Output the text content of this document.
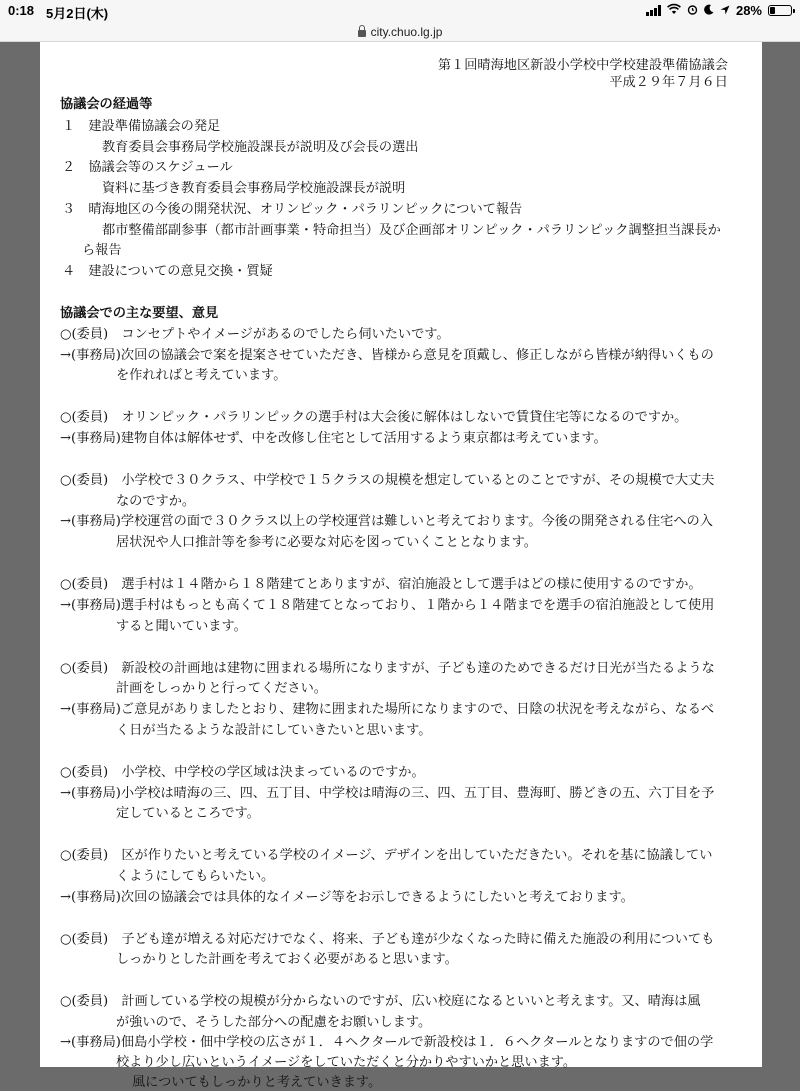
0:18 5月2日(木)	28%
city.chuo.lg.jp
第１回晴海地区新設小学校中学校建設準備協議会
平成２９年７月６日
協議会の経過等
１　建設準備協議会の発足
教育委員会事務局学校施設課長が説明及び会長の選出
２　協議会等のスケジュール
資料に基づき教育委員会事務局学校施設課長が説明
３　晴海地区の今後の開発状況、オリンピック・パラリンピックについて報告
都市整備部副参事（都市計画事業・特命担当）及び企画部オリンピック・パラリンピック調整担当課長か
ら報告
４　建設についての意見交換・質疑
協議会での主な要望、意見
○(委員)　コンセプトやイメージがあるのでしたら伺いたいです。
→(事務局)次回の協議会で案を提案させていただき、皆様から意見を頂戴し、修正しながら皆様が納得いくもの
を作れればと考えています。
○(委員)　オリンピック・パラリンピックの選手村は大会後に解体はしないで賃貸住宅等になるのですか。
→(事務局)建物自体は解体せず、中を改修し住宅として活用するよう東京都は考えています。
○(委員)　小学校で３０クラス、中学校で１５クラスの規模を想定しているとのことですが、その規模で大丈夫
なのですか。
→(事務局)学校運営の面で３０クラス以上の学校運営は難しいと考えております。今後の開発される住宅への入
居状況や人口推計等を参考に必要な対応を図っていくこととなります。
○(委員)　選手村は１４階から１８階建てとありますが、宿泊施設として選手はどの様に使用するのですか。
→(事務局)選手村はもっとも高くて１８階建てとなっており、１階から１４階までを選手の宿泊施設として使用
すると聞いています。
○(委員)　新設校の計画地は建物に囲まれる場所になりますが、子ども達のためできるだけ日光が当たるような
計画をしっかりと行ってください。
→(事務局)ご意見がありましたとおり、建物に囲まれた場所になりますので、日陰の状況を考えながら、なるべ
く日が当たるような設計にしていきたいと思います。
○(委員)　小学校、中学校の学区域は決まっているのですか。
→(事務局)小学校は晴海の三、四、五丁目、中学校は晴海の三、四、五丁目、豊海町、勝どきの五、六丁目を予
定しているところです。
○(委員)　区が作りたいと考えている学校のイメージ、デザインを出していただきたい。それを基に協議してい
くようにしてもらいたい。
→(事務局)次回の協議会では具体的なイメージ等をお示しできるようにしたいと考えております。
○(委員)　子ども達が増える対応だけでなく、将来、子ども達が少なくなった時に備えた施設の利用についても
しっかりとした計画を考えておく必要があると思います。
○(委員)　計画している学校の規模が分からないのですが、広い校庭になるといいと考えます。又、晴海は風
が強いので、そうした部分への配慮をお願いします。
→(事務局)佃島小学校・佃中学校の広さが１．４ヘクタールで新設校は１．６ヘクタールとなりますので佃の学
校より少し広いというイメージをしていただくと分かりやすいかと思います。
風についてもしっかりと考えていきます。
